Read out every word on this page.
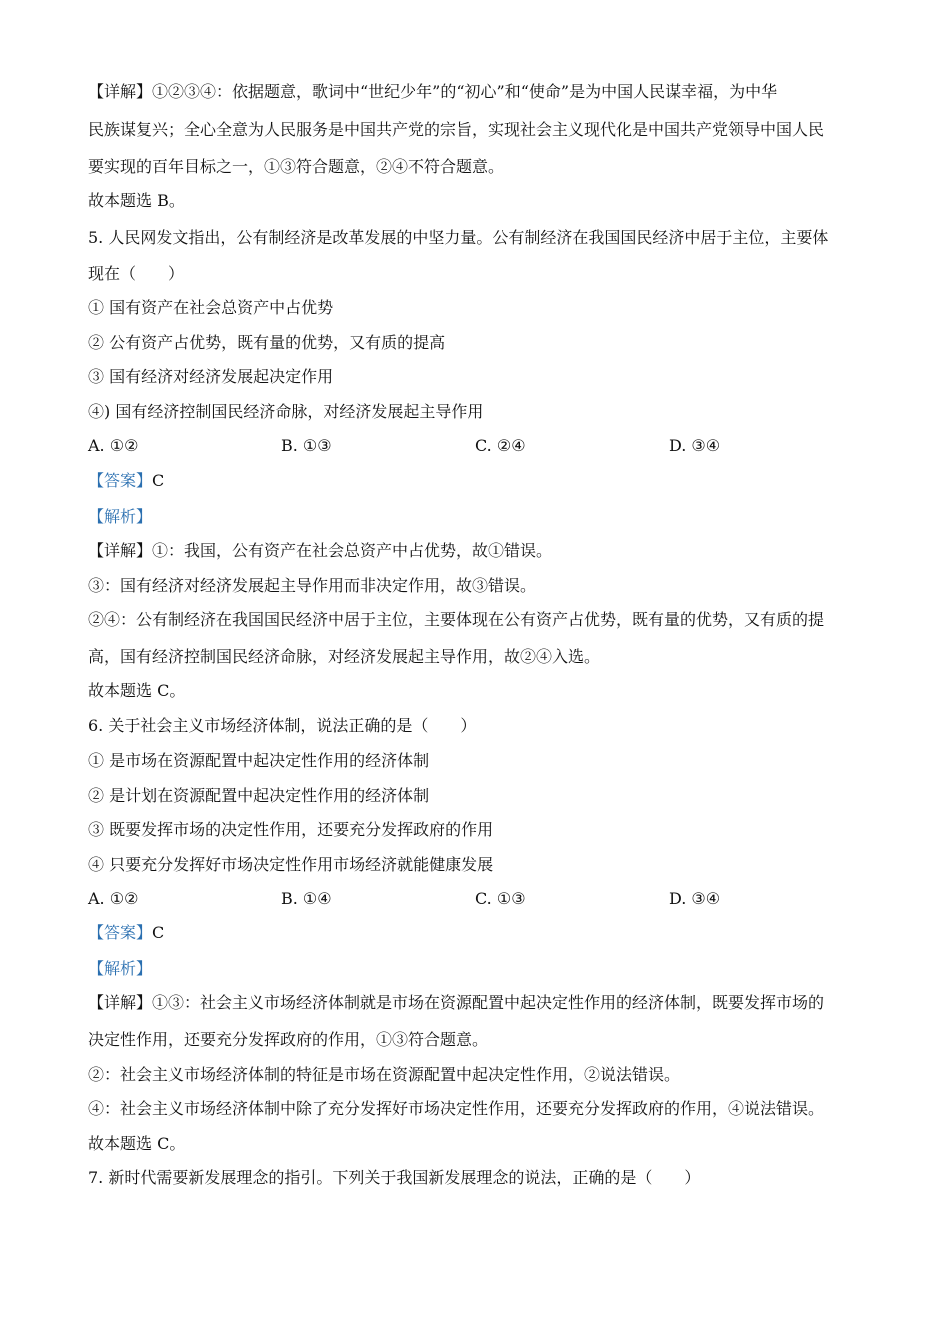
【详解】①②③④：依据题意，歌词中“世纪少年”的“初心”和“使命”是为中国人民谋幸福，为中华
民族谋复兴；全心全意为人民服务是中国共产党的宗旨，实现社会主义现代化是中国共产党领导中国人民
要实现的百年目标之一，①③符合题意，②④不符合题意。
故本题选 B。
5. 人民网发文指出，公有制经济是改革发展的中坚力量。公有制经济在我国国民经济中居于主位，主要体
现在（　　）
① 国有资产在社会总资产中占优势
② 公有资产占优势，既有量的优势，又有质的提高
③ 国有经济对经济发展起决定作用
④) 国有经济控制国民经济命脉，对经济发展起主导作用
A. ①②	B. ①③	C. ②④	D. ③④
【答案】C
【解析】
【详解】①：我国，公有资产在社会总资产中占优势，故①错误。
③：国有经济对经济发展起主导作用而非决定作用，故③错误。
②④：公有制经济在我国国民经济中居于主位，主要体现在公有资产占优势，既有量的优势，又有质的提
高，国有经济控制国民经济命脉，对经济发展起主导作用，故②④入选。
故本题选 C。
6. 关于社会主义市场经济体制，说法正确的是（　　）
① 是市场在资源配置中起决定性作用的经济体制
② 是计划在资源配置中起决定性作用的经济体制
③ 既要发挥市场的决定性作用，还要充分发挥政府的作用
④ 只要充分发挥好市场决定性作用市场经济就能健康发展
A. ①②	B. ①④	C. ①③	D. ③④
【答案】C
【解析】
【详解】①③：社会主义市场经济体制就是市场在资源配置中起决定性作用的经济体制，既要发挥市场的
决定性作用，还要充分发挥政府的作用，①③符合题意。
②：社会主义市场经济体制的特征是市场在资源配置中起决定性作用，②说法错误。
④：社会主义市场经济体制中除了充分发挥好市场决定性作用，还要充分发挥政府的作用，④说法错误。
故本题选 C。
7. 新时代需要新发展理念的指引。下列关于我国新发展理念的说法，正确的是（　　）
